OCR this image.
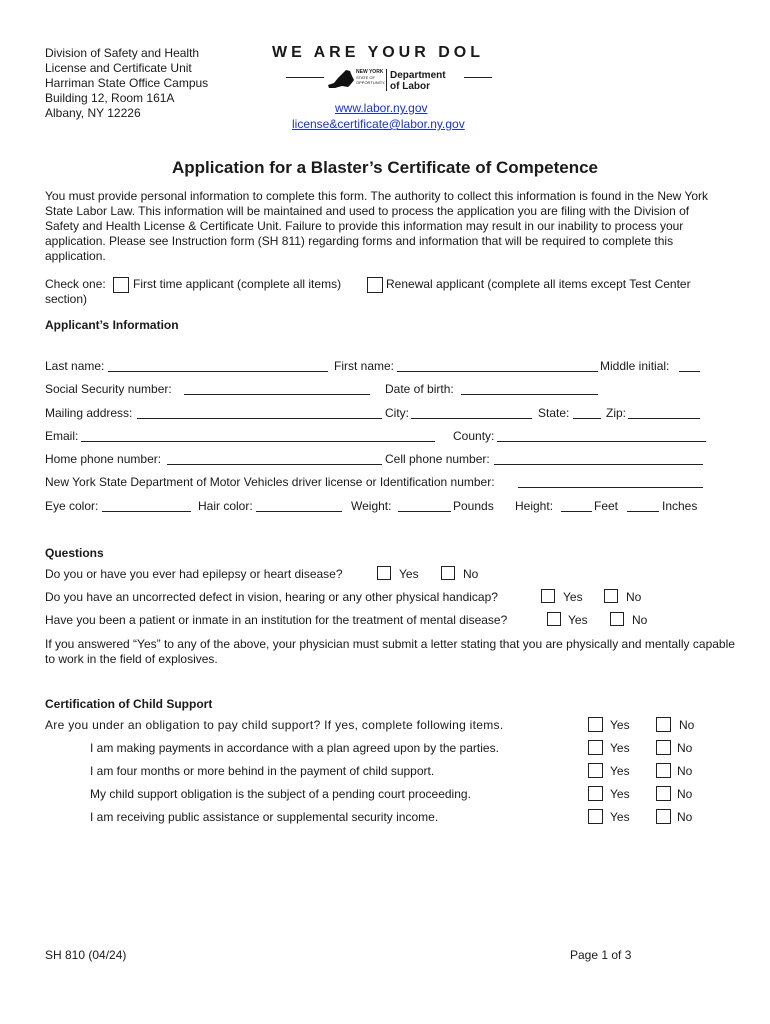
Division of Safety and Health
License and Certificate Unit
Harriman State Office Campus
Building 12, Room 161A
Albany, NY 12226
WE ARE YOUR DOL
NEW YORK
STATE OF
OPPORTUNITY.
Department
of Labor
www.labor.ny.gov
license&certificate@labor.ny.gov
Application for a Blaster’s Certificate of Competence
You must provide personal information to complete this form. The authority to collect this information is found in the New York State Labor Law. This information will be maintained and used to process the application you are filing with the Division of Safety and Health License & Certificate Unit. Failure to provide this information may result in our inability to process your application. Please see Instruction form (SH 811) regarding forms and information that will be required to complete this application.
Check one: First time applicant (complete all items)	Renewal applicant (complete all items except Test Center
section)
Applicant’s Information
Last name:	First name:	Middle initial:
Social Security number:	Date of birth:
Mailing address:	City:	State:	Zip:
Email:	County:
Home phone number:	Cell phone number:
New York State Department of Motor Vehicles driver license or Identification number:
Eye color:	Hair color:	Weight:	Pounds Height:	Feet	Inches
Questions
Do you or have you ever had epilepsy or heart disease?	Yes	No
Do you have an uncorrected defect in vision, hearing or any other physical handicap?	Yes	No
Have you been a patient or inmate in an institution for the treatment of mental disease?	Yes	No
If you answered “Yes” to any of the above, your physician must submit a letter stating that you are physically and mentally capable to work in the field of explosives.
Certification of Child Support
Are you under an obligation to pay child support? If yes, complete following items.	Yes	No
I am making payments in accordance with a plan agreed upon by the parties.	Yes	No
I am four months or more behind in the payment of child support.	Yes	No
My child support obligation is the subject of a pending court proceeding.	Yes	No
I am receiving public assistance or supplemental security income.	Yes	No
SH 810 (04/24)	Page 1 of 3
